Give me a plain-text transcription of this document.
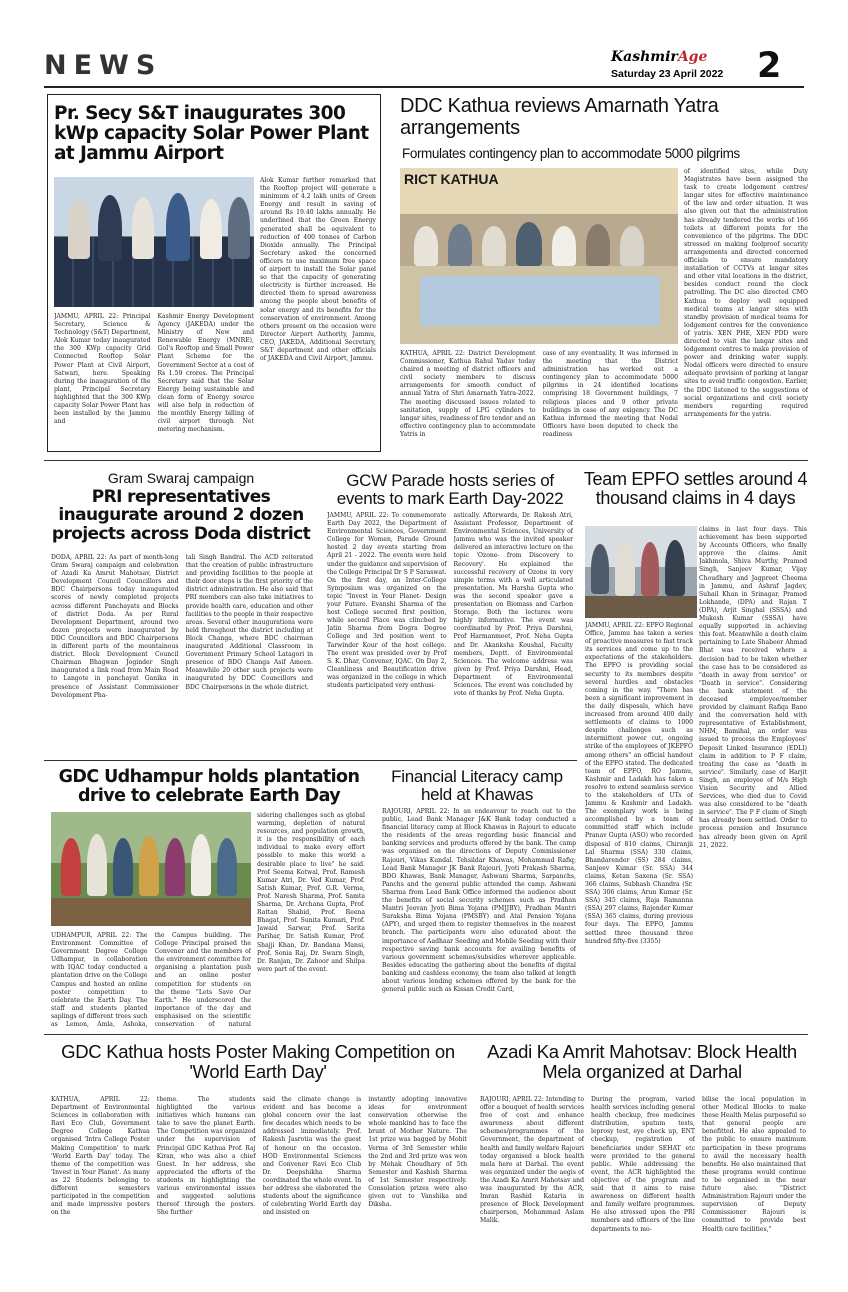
NEWS	KashmirAge
Saturday 23 April 2022 2
Pr. Secy S&T inaugurates 300 kWp capacity Solar Power Plant at Jammu Airport
Alok Kumar further remarked that the Rooftop project will generate a minimum of 4.2 lakh units of Green Energy and result in saving of around Rs 19.40 lakhs annually. He underlined that the Green Energy generated shall be equivalent to reduction of 400 tonnes of Carbon Dioxide annually. The Principal Secretary asked the concerned officers to use maximum free space of airport to install the Solar panel so that the capacity of generating electricity is further increased. He directed them to spread awareness among the people about benefits of solar energy and its benefits for the conservation of environment. Among others present on the occasion were Director Airport Authority, Jammu, CEO, JAKEDA, Additional Secretary, S&T department and other officials of JAKEDA and Civil Airport, Jammu.
JAMMU, APRIL 22: Principal Secretary, Science & Technology (S&T) Department, Alok Kumar today inaugurated the 300 KWp capacity Grid Connected Rooftop Solar Power Plant at Civil Airport, Satwari, here. Speaking during the inauguration of the plant, Principal Secretary highlighted that the 300 KWp capacity Solar Power Plant has been installed by the Jammu and
Kashmir Energy Development Agency (JAKEDA) under the Ministry of New and Renewable Energy (MNRE), GoI's Rooftop and Small Power Plant Scheme for the Government Sector at a cost of Rs 1.59 crores. The Principal Secretary said that the Solar Energy being sustainable and clean form of Energy source will also help in reduction of the monthly Energy billing of civil airport through Net metering mechanism.
DDC Kathua reviews Amarnath Yatra arrangements
Formulates contingency plan to accommodate 5000 pilgrims
RICT KATHUA	of identified sites, while Duty Magistrates have been assigned the task to create lodgement centres/ langar sites for effective maintenance of the law and order situation. It was also given out that the administration has already tendered the works of 166 toilets at different points for the convenience of the pilgrims. The DDC stressed on making foolproof security arrangements and directed concerned officials to ensure mandatory installation of CCTVs at langar sites and other vital locations in the district, besides conduct round the clock patrolling. The DC also directed CMO Kathua to deploy well equipped medical teams at langar sites with standby provision of medical teams for lodgement centres for the convenience of yatris. XEN PHE, XEN PDD were directed to visit the langar sites and lodgement centres to make provision of power and drinking water supply. Nodal officers were directed to ensure adequate provision of parking at langar sites to avoid traffic congestion. Earlier, the DDC listened to the suggestions of social organizations and civil society members regarding required arrangements for the yatris.
KATHUA, APRIL 22: District Development Commissioner, Kathua Rahul Yadav today chaired a meeting of district officers and civil society members to discuss arrangements for smooth conduct of annual Yatra of Shri Amarnath Yatra-2022. The meeting discussed issues related to sanitation, supply of LPG cylinders to langar sites, readiness of fire tender and an effective contingency plan to accommodate Yatris in
case of any eventuality. It was informed in the meeting that the District administration has worked out a contingency plan to accommodate 5000 pilgrims in 24 identified locations comprising 18 Government buildings, 7 religious places and 9 other private buildings in case of any exigency. The DC Kathua informed the meeting that Nodal Officers have been deputed to check the readiness
Gram Swaraj campaign
PRI representatives inaugurate around 2 dozen projects across Doda district
DODA, APRIL 22: As part of month-long Gram Swaraj campaign and celebration of Azadi Ka Amrut Mahotsav, District Development Council Councillors and BDC Chairpersons today inaugurated scores of newly completed projects across different Panchayats and Blocks of district Doda. As per Rural Development Department, around two dozen projects were inaugurated by DDC Councillors and BDC Chairpersons in different parts of the mountainous district. Block Development Council Chairman Bhagwan Joginder Singh inaugurated a link road from Main Road to Langote in panchayat Ganika in presence of Assistant Commissioner Development Pha-
tali Singh Bandral. The ACD reiterated that the creation of public infrastructure and providing facilities to the people at their door steps is the first priority of the district administration. He also said that PRI members can also take initiatives to provide health care, education and other facilities to the people in their respective areas. Several other inaugurations were held throughout the district including at Block Changa, where BDC chairman inaugurated Additional Classroom in Government Primary School Latagori in presence of BDO Changa Asif Ameen. Meanwhile 20 other such projects were inaugurated by DDC Councillors and BDC Chairpersons in the whole district.
GCW Parade hosts series of events to mark Earth Day-2022
JAMMU, APRIL 22: To commemorate Earth Day 2022, the Department of Environmental Sciences, Government College for Women, Parade Ground hosted 2 day events starting from April 21 - 2022. The events were held under the guidance and supervision of the College Principal Dr S P Saraswat. On the first day, an Inter-College Symposium was organized on the topic "Invest in Your Planet- Design your Future. Evanshi Sharma of the host College secured first position, while second Place was clinched by Jatin Sharma from Dogra Degree College and 3rd position went to Tarwinder Kour of the host college. The event was presided over by Prof S. K. Dhar, Convener, IQAC. On Day 2, Cleanliness and Beautification drive was organized in the college in which students participated very enthusi-
astically. Afterwards, Dr. Rakesh Atri, Assistant Professor, Department of Environmental Sciences, University of Jammu who was the invited speaker delivered an interactive lecture on the topic 'Ozone- from Discovery to Recovery'. He explained the successful recovery of Ozone in very simple terms with a well articulated presentation. Ms Harsha Gupta who was the second speaker gave a presentation on Biomass and Carbon Storage. Both the lectures were highly informative. The event was coordinated by Prof. Priya Darshni, Prof Harmanmeet, Prof. Neha Gupta and Dr. Akanksha Koushal, Faculty members, Deptt. of Environmental Sciences. The welcome address was given by Prof. Priya Darshni, Head, Department of Environmental Sciences. The event was concluded by vote of thanks by Prof. Neha Gupta.
Team EPFO settles around 4 thousand claims in 4 days
JAMMU, APRIL 22: EPFO Regional Office, Jammu has taken a series of proactive measures to fast track its services and come up to the expectations of the stakeholders. The EPFO is providing social security to its members despite several hurdles and obstacles coming in the way. "There has been a significant improvement in the daily disposals, which have increased from around 400 daily settlements of claims to 1000 despite challenges such as intermittent power cut, ongoing strike of the employees of JKEPFO among others" an official handout of the EPFO stated. The dedicated team of EPFO, RO Jammu, Kashmir and Ladakh has taken a resolve to extend seamless service to the stakeholders of UTs of Jammu & Kashmir and Ladakh. The exemplary work is being accomplished by a team of committed staff which include Pranav Gupta (ASO) who recorded disposal of 810 claims, Chiranjii Lal Sharma (SSA) 330 claims, Bhandarender (SS) 284 claims, Sanjeev Kumar (Sr. SSA) 344 claims, Ketan Saxena (Sr. SSA) 366 claims, Subhash Chandra (Sr. SSA) 306 claims, Arun Kumar (Sr. SSA) 345 claims, Raja Ramanna (SSA) 297 claims, Rajender Kumar (SSA) 365 claims, during previous four days. The EPFO, Jammu settled three thousand three hundred fifty-five (3355)
claims in last four days. This achievement has been supported by Accounts Officers, who finally approve the claims. Amit Jakhmola, Shiva Murthy, Pramod Singh, Sanjeev Kumar, Vijay Choudhary and Jagpreet Cheema in Jammu, and Ashraf Jagdev, Suhail Khan in Srinagar, Pramod Lokhande, (DPA) and Rajan T (DPA), Arjit Singhal (SSSA) and Mukesh Kumar (SSSA) have equally supported in achieving this feat. Meanwhile a death claim pertaining to Late Shabeer Ahmad Bhat was received where a decision had to be taken whether the case has to be considered as "death in away from service" or "Death in service". Considering the bank statement of the deceased employee/member provided by claimant Rafiqa Bano and the conversation held with representative of Establishment, NHM, Bamihal, an order was issued to process the Employees' Deposit Linked Insurance (EDLI) claim in addition to P F claim, treating the case as "death in service". Similarly, case of Harjit Singh, an employee of M/s High Vision Security and Allied Services, who died due to Covid was also considered to be "death in service". The P F claim of Singh has already been settled. Order to process pension and Insurance has already been given on April 21, 2022.
GDC Udhampur holds plantation drive to celebrate Earth Day
sidering challenges such as global warming, depletion of natural resources, and population growth, it is the responsibility of each individual to make every effort possible to make this world a desirable place to live" he said. Prof Seema Kotwal, Prof. Ramesh Kumar Atri, Dr. Ved Kumar, Prof. Satish Kumar, Prof. G.R. Verma, Prof. Naresh Sharma, Prof. Samta Sharma, Dr. Archana Gupta, Prof. Rattan Shabid, Prof. Reena Bhagat, Prof. Sunita Kumari, Prof. Jawaid Sarwar, Prof. Sarita Parihar, Dr. Satish Kumar, Prof. Shajji Khan, Dr. Bandana Mansi, Prof. Sonia Raj, Dr. Swarn Singh, Dr. Ranjan, Dr. Zahoor and Shilpa were part of the event.
UDHAMPUR, APRIL 22: The Environment Committee of Government Degree College Udhampur, in collaboration with IQAC today conducted a plantation drive on the College Campus and hosted an online poster competition to celebrate the Earth Day. The staff and students planted saplings of different trees such as Lemon, Amla, Ashoka,
the Campus building. The College Principal praised the Convener and the members of the environment committee for organising a plantation push and an online poster competition for students on the theme "Lets Save Our Earth." He underscored the importance of the day and emphasised on the scientific conservation of natural
Financial Literacy camp held at Khawas
RAJOURI, APRIL 22: In an endeavour to reach out to the public, Lead Bank Manager J&K Bank today conducted a financial literacy camp at Block Khawas in Rajouri to educate the residents of the areas regarding basic financial and banking services and products offered by the bank. The camp was organised on the directions of Deputy Commissioner Rajouri, Vikas Kundal. Tehsildar Khawas, Mohammad Rafiq; Lead Bank Manager JK Bank Rajouri, Jyoti Prakash Sharma, BDO Khawas, Bank Manager, Ashwani Sharma, Sarpanchs, Panchs and the general public attended the camp. Ashwani Sharma from Lead Bank Office informed the audience about the benefits of social security schemes such as Pradhan Mantri Jeevan Jyoti Bima Yojana (PMJJBY), Pradhan Mantri Suraksha Bima Yojana (PMSBY) and Atal Pension Yojana (APY), and urged them to register themselves in the nearest branch. The participants were also educated about the importance of Aadhaar Seeding and Mobile Seeding with their respective saving bank accounts for availing benefits of various government schemes/subsidies wherever applicable. Besides educating the gathering about the benefits of digital banking and cashless economy, the team also talked at length about various lending schemes offered by the bank for the general public such as Kissan Credit Card,
GDC Kathua hosts Poster Making Competition on 'World Earth Day'
KATHUA, APRIL 22: Department of Environmental Sciences in collaboration with Ravi Eco Club, Government Degree College Kathua organised 'Intra College Poster Making Competition' to mark 'World Earth Day' today. The theme of the competition was 'Invest in Your Planet'. As many as 22 Students belonging to different semesters participated in the competition and made impressive posters on the
theme. The students highlighted the various initiatives which humans can take to save the planet Earth. The Competition was organized under the supervision of Principal GDC Kathua Prof. Raj Kiran, who was also a chief Guest. In her address, she appreciated the efforts of the students in highlighting the various environmental issues and suggested solutions thereof through the posters. She further
said the climate change is evident and has become a global concern over the last few decades which needs to be addressed immediately. Prof. Rakesh Jasrotia was the guest of honour on the occasion. HOD Environmental Sciences and Convener Ravi Eco Club Dr. Deepshikha Sharma coordinated the whole event. In her address she elaborated the students about the significance of celebrating World Earth day and insisted on
instantly adopting innovative ideas for environment conservation otherwise the whole mankind has to face the brunt of Mother Nature. The 1st prize was bagged by Mohit Verma of 3rd Semester while the 2nd and 3rd prize was won by Mehak Choudhary of 5th Semester and Kashish Sharma of 1st Semester respectively. Consolation prizes were also given out to Vanshika and Diksha.
Azadi Ka Amrit Mahotsav: Block Health Mela organized at Darhal
RAJOURI, APRIL 22: Intending to offer a bouquet of health services free of cost and enhance awareness about different schemes/programmes of the Government, the department of health and family welfare Rajouri today organised a block health mela here at Darhal. The event was organized under the aegis of the Azadi Ka Amrit Mahotsav and was inaugurated by the ACR, Imran Rashid Kataria in presence of Block Development chairperson, Mohammad Aslam Malik.
During the program, varied health services including general health checkup, free medicines distribution, sputum tests, leprosy test, eye check up, ENT checkup, registration of beneficiaries under SEHAT etc were provided to the general public. While addressing the event, the ACR highlighted the objective of the program and said that it aims to raise awareness on different health and family welfare programmes. He also stressed upon the PRI members and officers of the line departments to mo-
bilise the local population in other Medical Blocks to make these Health Melas purposeful so that general people are benefitted. He also appealed to the public to ensure maximum participation in these programs to avail the necessary health benefits. He also maintained that these programs would continue to be organised in the near future also. "District Administration Rajouri under the supervision of Deputy Commissioner Rajouri is committed to provide best Health care facilities,"
